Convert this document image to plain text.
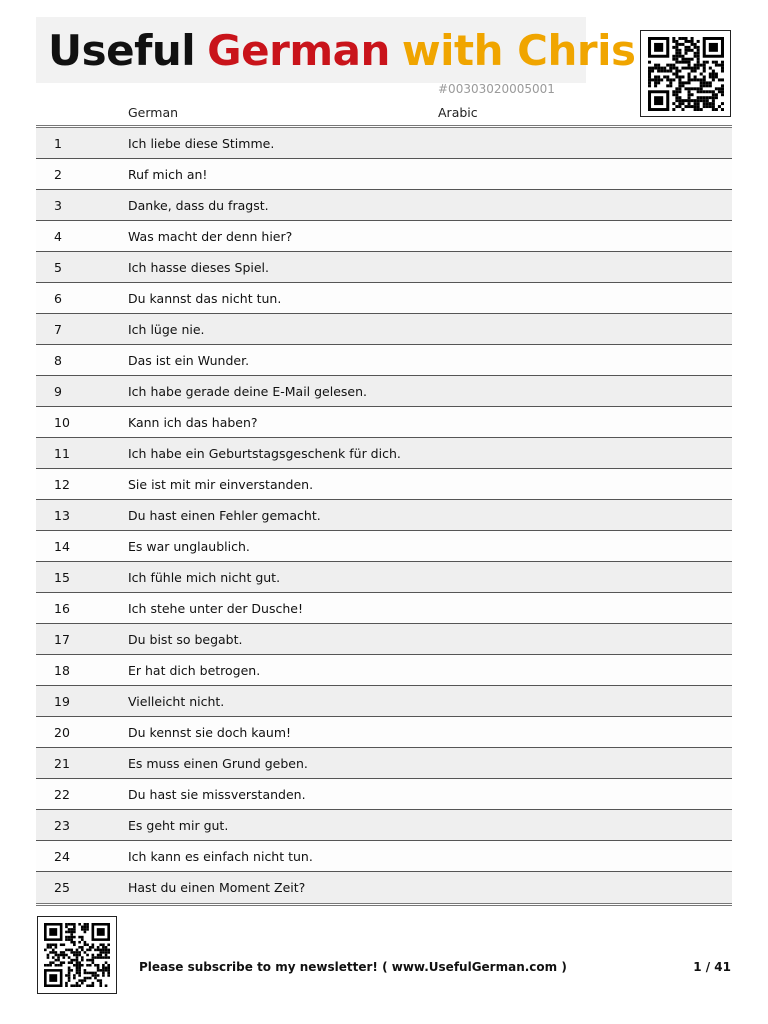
Useful German with Chris
#00303020005001
German	Arabic
1	Ich liebe diese Stimme.
2	Ruf mich an!
3	Danke, dass du fragst.
4	Was macht der denn hier?
5	Ich hasse dieses Spiel.
6	Du kannst das nicht tun.
7	Ich lüge nie.
8	Das ist ein Wunder.
9	Ich habe gerade deine E-Mail gelesen.
10	Kann ich das haben?
11	Ich habe ein Geburtstagsgeschenk für dich.
12	Sie ist mit mir einverstanden.
13	Du hast einen Fehler gemacht.
14	Es war unglaublich.
15	Ich fühle mich nicht gut.
16	Ich stehe unter der Dusche!
17	Du bist so begabt.
18	Er hat dich betrogen.
19	Vielleicht nicht.
20	Du kennst sie doch kaum!
21	Es muss einen Grund geben.
22	Du hast sie missverstanden.
23	Es geht mir gut.
24	Ich kann es einfach nicht tun.
25	Hast du einen Moment Zeit?
Please subscribe to my newsletter! ( www.UsefulGerman.com )	1 / 41
